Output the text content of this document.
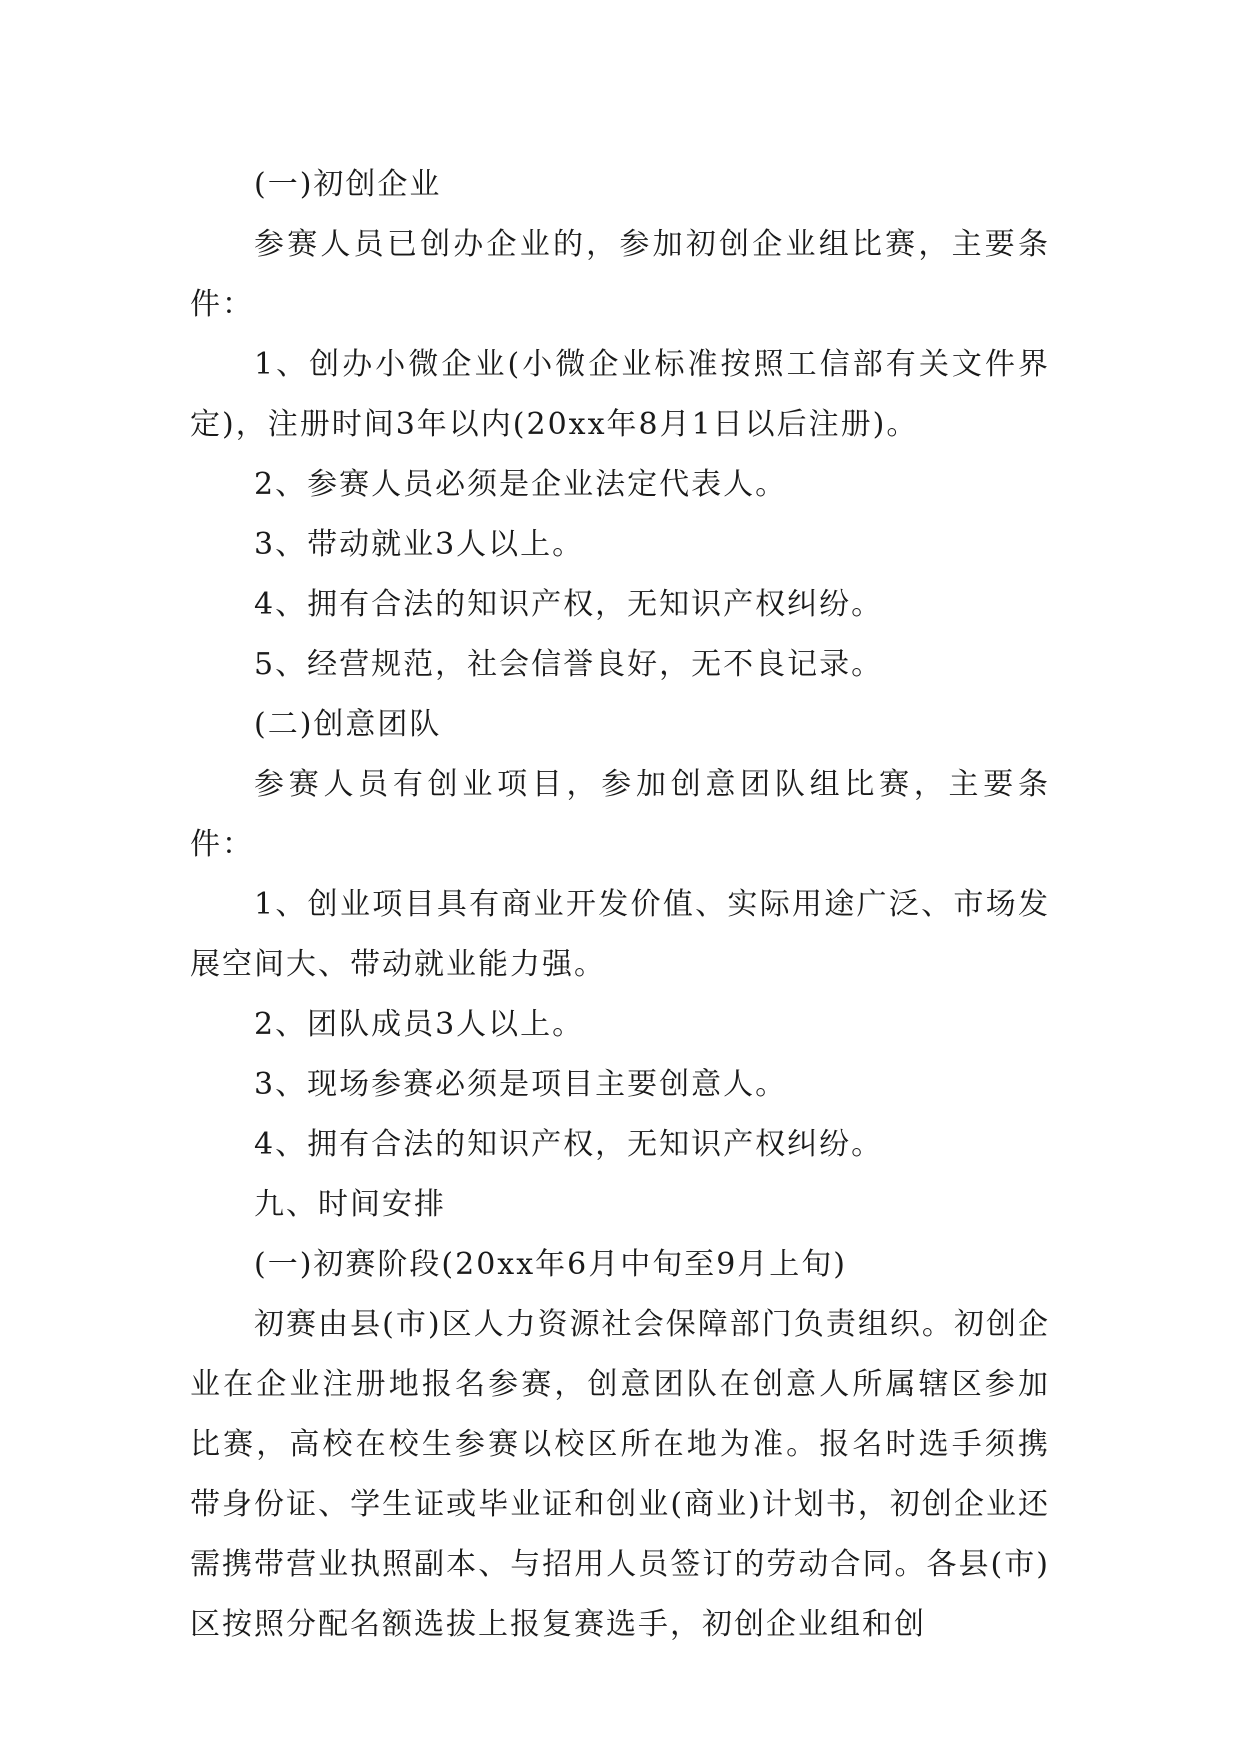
(一)初创企业

参赛人员已创办企业的，参加初创企业组比赛，主要条件：

1、创办小微企业(小微企业标准按照工信部有关文件界定)，注册时间3年以内(20xx年8月1日以后注册)。

2、参赛人员必须是企业法定代表人。

3、带动就业3人以上。

4、拥有合法的知识产权，无知识产权纠纷。

5、经营规范，社会信誉良好，无不良记录。

(二)创意团队

参赛人员有创业项目，参加创意团队组比赛，主要条件：

1、创业项目具有商业开发价值、实际用途广泛、市场发展空间大、带动就业能力强。

2、团队成员3人以上。

3、现场参赛必须是项目主要创意人。

4、拥有合法的知识产权，无知识产权纠纷。

九、时间安排

(一)初赛阶段(20xx年6月中旬至9月上旬)

初赛由县(市)区人力资源社会保障部门负责组织。初创企业在企业注册地报名参赛，创意团队在创意人所属辖区参加比赛，高校在校生参赛以校区所在地为准。报名时选手须携带身份证、学生证或毕业证和创业(商业)计划书，初创企业还需携带营业执照副本、与招用人员签订的劳动合同。各县(市)区按照分配名额选拔上报复赛选手，初创企业组和创
